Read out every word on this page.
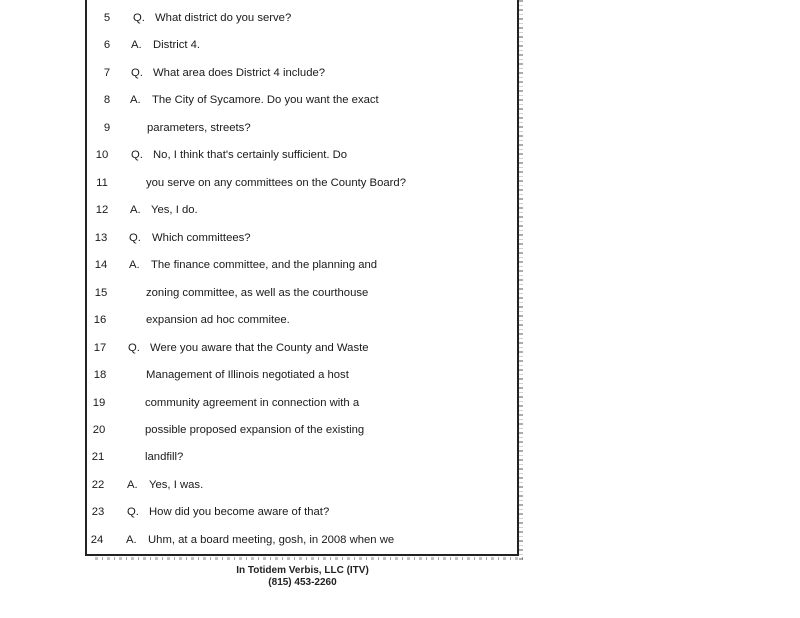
5	Q. What district do you serve?
6	A. District 4.
7	Q. What area does District 4 include?
8	A. The City of Sycamore. Do you want the exact
9	parameters, streets?
10	Q. No, I think that's certainly sufficient. Do
11	you serve on any committees on the County Board?
12	A. Yes, I do.
13	Q. Which committees?
14	A. The finance committee, and the planning and
15	zoning committee, as well as the courthouse
16	expansion ad hoc commitee.
17	Q. Were you aware that the County and Waste
18	Management of Illinois negotiated a host
19	community agreement in connection with a
20	possible proposed expansion of the existing
21	landfill?
22	A. Yes, I was.
23	Q. How did you become aware of that?
24	A. Uhm, at a board meeting, gosh, in 2008 when we
In Totidem Verbis, LLC (ITV)
(815) 453-2260
